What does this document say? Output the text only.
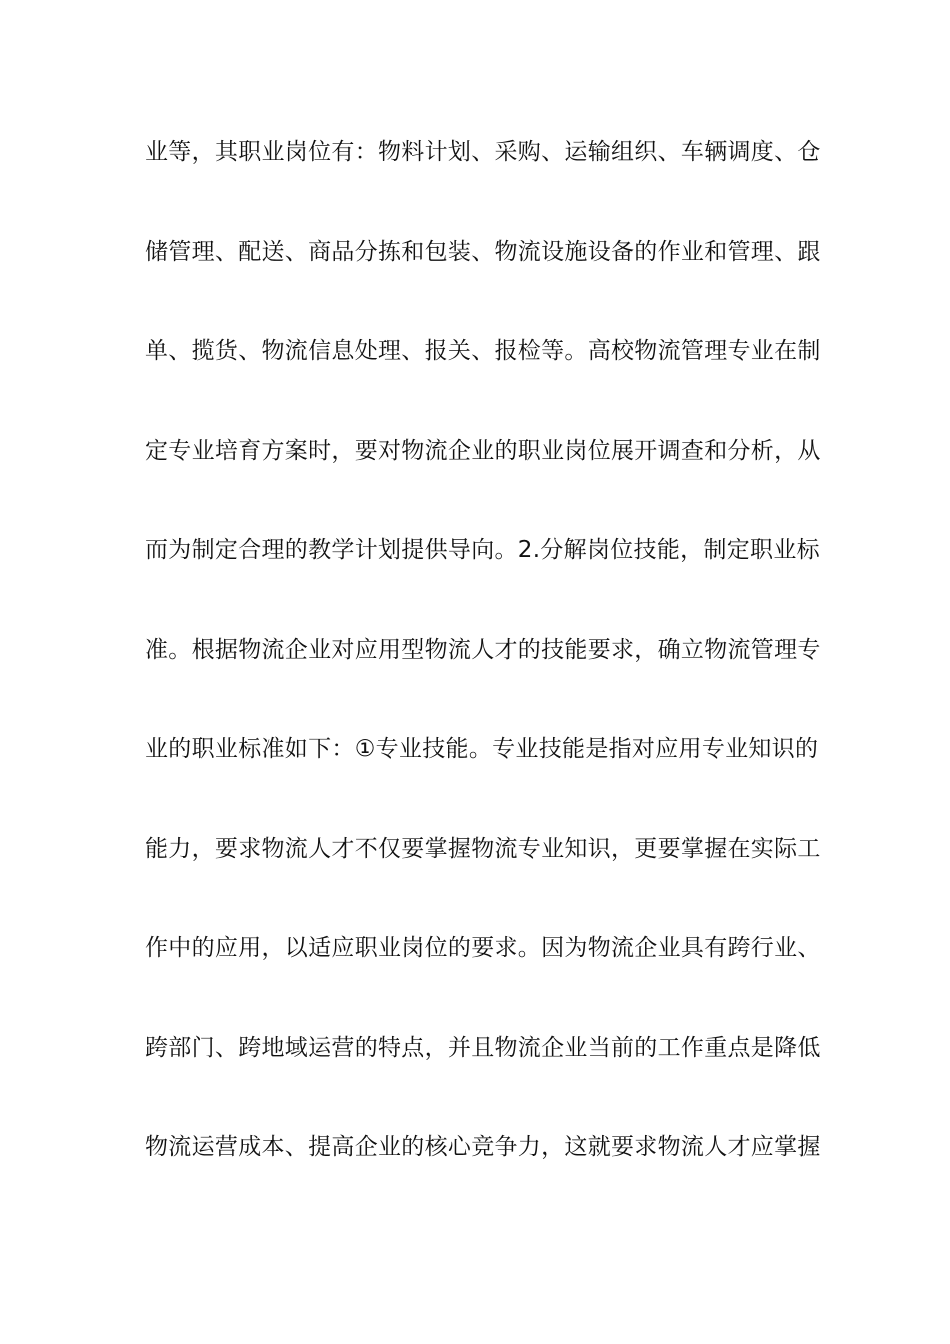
业等，其职业岗位有：物料计划、采购、运输组织、车辆调度、仓
储管理、配送、商品分拣和包装、物流设施设备的作业和管理、跟
单、揽货、物流信息处理、报关、报检等。高校物流管理专业在制
定专业培育方案时，要对物流企业的职业岗位展开调查和分析，从
而为制定合理的教学计划提供导向。2.分解岗位技能，制定职业标
准。根据物流企业对应用型物流人才的技能要求，确立物流管理专
业的职业标准如下：①专业技能。专业技能是指对应用专业知识的
能力，要求物流人才不仅要掌握物流专业知识，更要掌握在实际工
作中的应用，以适应职业岗位的要求。因为物流企业具有跨行业、
跨部门、跨地域运营的特点，并且物流企业当前的工作重点是降低
物流运营成本、提高企业的核心竞争力，这就要求物流人才应掌握
